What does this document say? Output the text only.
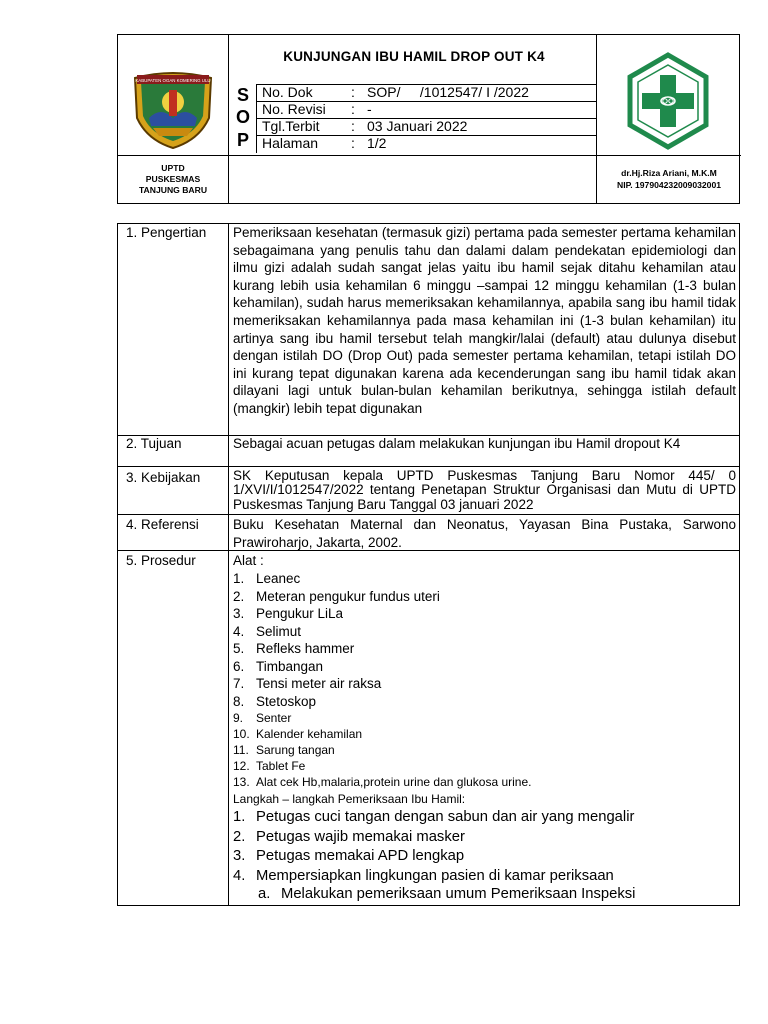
KABUPATEN OGAN KOMERING ULU
UPTD
PUSKESMAS
TANJUNG BARU
KUNJUNGAN IBU HAMIL DROP OUT K4
S
O
P
No. Dok	: SOP/     /1012547/ I /2022
No. Revisi : -
Tgl.Terbit : 03 Januari 2022
Halaman : 1/2
dr.Hj.Riza Ariani, M.K.M
NIP. 197904232009032001
1. Pengertian Pemeriksaan kesehatan (termasuk gizi) pertama pada semester pertama kehamilan sebagaimana yang penulis tahu dan dalami dalam pendekatan epidemiologi dan ilmu gizi adalah sudah sangat jelas yaitu ibu hamil sejak ditahu kehamilan atau kurang lebih usia kehamilan 6 minggu –sampai 12 minggu kehamilan (1-3 bulan kehamilan), sudah harus memeriksakan kehamilannya, apabila sang ibu hamil tidak memeriksakan kehamilannya pada masa kehamilan ini (1-3 bulan kehamilan) itu artinya sang ibu hamil tersebut telah mangkir/lalai (default) atau dulunya disebut dengan istilah DO (Drop Out) pada semester pertama kehamilan, tetapi istilah DO ini kurang tepat digunakan karena ada kecenderungan sang ibu hamil tidak akan dilayani lagi untuk bulan-bulan kehamilan berikutnya, sehingga istilah default (mangkir) lebih tepat digunakan
2. Tujuan	Sebagai acuan petugas dalam melakukan kunjungan ibu Hamil dropout K4
3. Kebijakan SK Keputusan kepala UPTD Puskesmas Tanjung Baru Nomor 445/ 0 1/XVI/I/1012547/2022 tentang Penetapan Struktur Organisasi dan Mutu di UPTD Puskesmas Tanjung Baru Tanggal 03 januari 2022
4. Referensi	Buku Kesehatan Maternal dan Neonatus, Yayasan Bina Pustaka, Sarwono Prawiroharjo, Jakarta, 2002.
5. Prosedur	Alat :
1. Leanec
2. Meteran pengukur fundus uteri
3. Pengukur LiLa
4. Selimut
5. Refleks hammer
6. Timbangan
7. Tensi meter air raksa
8. Stetoskop
9. Senter
10. Kalender kehamilan
11. Sarung tangan
12. Tablet Fe
13. Alat cek Hb,malaria,protein urine dan glukosa urine.
Langkah – langkah Pemeriksaan Ibu Hamil:
1. Petugas cuci tangan dengan sabun dan air yang mengalir
2. Petugas wajib memakai masker
3. Petugas memakai APD lengkap
4. Mempersiapkan lingkungan pasien di kamar periksaan
a. Melakukan pemeriksaan umum Pemeriksaan Inspeksi
